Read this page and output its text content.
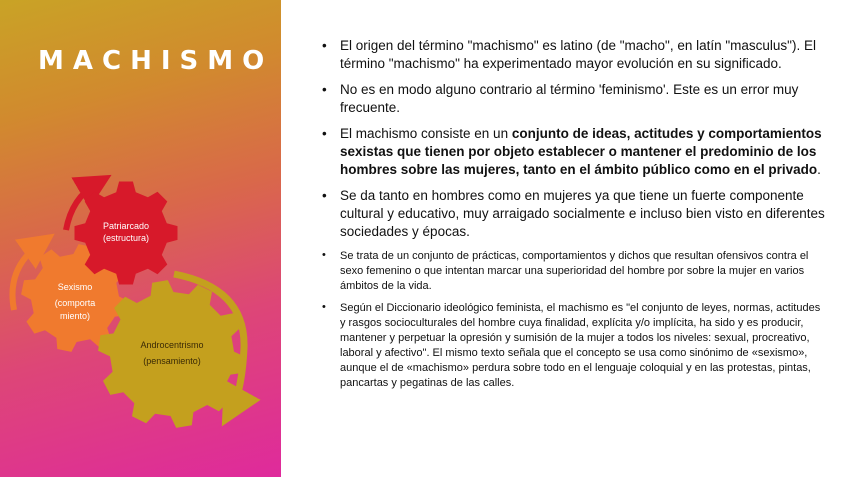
MACHISMO
Patriarcado
(estructura)
Sexismo
(comporta
miento)
Androcentrismo
(pensamiento)
• El origen del término "machismo" es latino (de "macho", en latín "masculus"). El término "machismo" ha experimentado mayor evolución en su significado.
• No es en modo alguno contrario al término 'feminismo'. Este es un error muy frecuente.
• El machismo consiste en un conjunto de ideas, actitudes y comportamientos sexistas que tienen por objeto establecer o mantener el predominio de los hombres sobre las mujeres, tanto en el ámbito público como en el privado.
• Se da tanto en hombres como en mujeres ya que tiene un fuerte componente cultural y educativo, muy arraigado socialmente e incluso bien visto en diferentes sociedades y épocas.
• Se trata de un conjunto de prácticas, comportamientos y dichos que resultan ofensivos contra el sexo femenino o que intentan marcar una superioridad del hombre por sobre la mujer en varios ámbitos de la vida.
• Según el Diccionario ideológico feminista, el machismo es "el conjunto de leyes, normas, actitudes y rasgos socioculturales del hombre cuya finalidad, explícita y/o implícita, ha sido y es producir, mantener y perpetuar la opresión y sumisión de la mujer a todos los niveles: sexual, procreativo, laboral y afectivo". El mismo texto señala que el concepto se usa como sinónimo de «sexismo», aunque el de «machismo» perdura sobre todo en el lenguaje coloquial y en las protestas, pintas, pancartas y pegatinas de las calles.
